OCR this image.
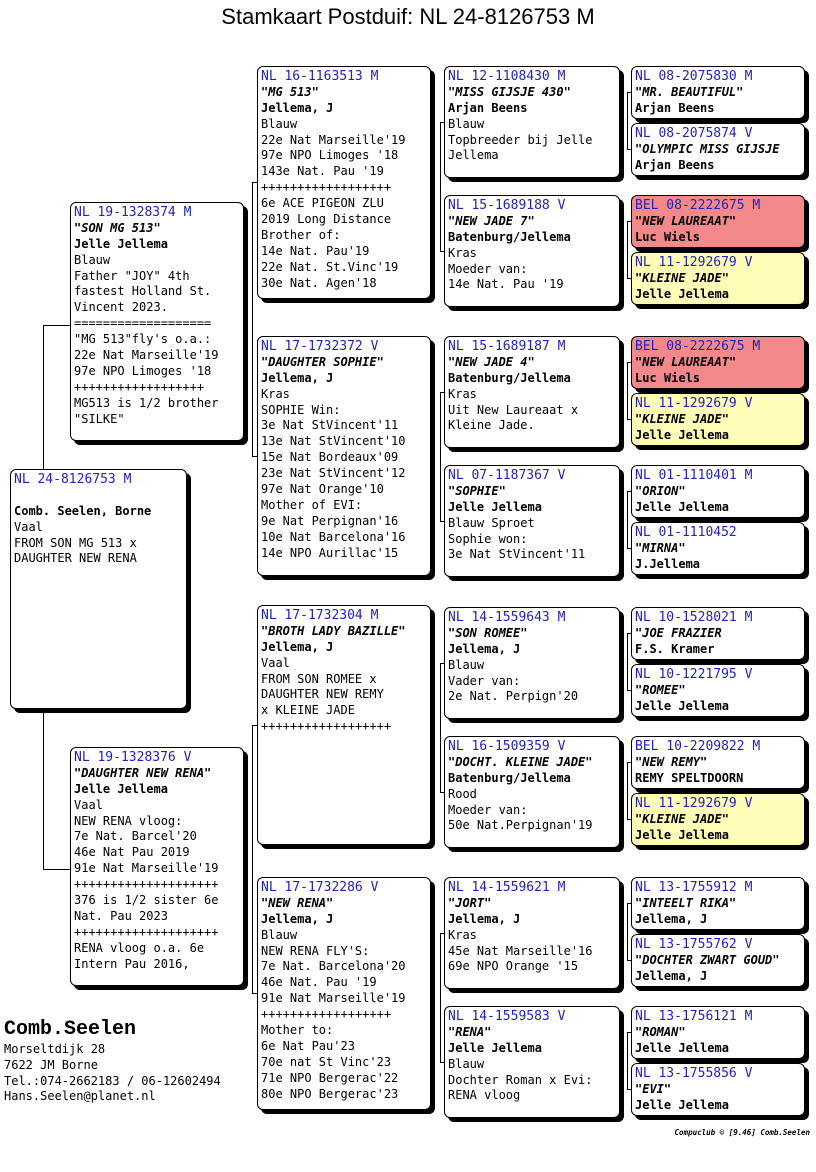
Stamkaart Postduif: NL 24-8126753 M
NL 24-8126753 M
Comb. Seelen, Borne
Vaal
FROM SON MG 513 x
DAUGHTER NEW RENA
NL 19-1328374 M
"SON MG 513"
Jelle Jellema
Blauw
Father "JOY" 4th
fastest Holland St.
Vincent 2023.
===================
"MG 513"fly's o.a.:
22e Nat Marseille'19
97e NPO Limoges '18
++++++++++++++++++
MG513 is 1/2 brother
"SILKE"
NL 19-1328376 V
"DAUGHTER NEW RENA"
Jelle Jellema
Vaal
NEW RENA vloog:
7e Nat. Barcel'20
46e Nat Pau 2019
91e Nat Marseille'19
++++++++++++++++++++
376 is 1/2 sister 6e
Nat. Pau 2023
++++++++++++++++++++
RENA vloog o.a. 6e
Intern Pau 2016,
NL 16-1163513 M
"MG 513"
Jellema, J
Blauw
22e Nat Marseille'19
97e NPO Limoges '18
143e Nat. Pau '19
++++++++++++++++++
6e ACE PIGEON ZLU
2019 Long Distance
Brother of:
14e Nat. Pau'19
22e Nat. St.Vinc'19
30e Nat. Agen'18
NL 17-1732372 V
"DAUGHTER SOPHIE"
Jellema, J
Kras
SOPHIE Win:
3e Nat StVincent'11
13e Nat StVincent'10
15e Nat Bordeaux'09
23e Nat StVincent'12
97e Nat Orange'10
Mother of EVI:
9e Nat Perpignan'16
10e Nat Barcelona'16
14e NPO Aurillac'15
NL 17-1732304 M
"BROTH LADY BAZILLE"
Jellema, J
Vaal
FROM SON ROMEE x
DAUGHTER NEW REMY
x KLEINE JADE
++++++++++++++++++
NL 17-1732286 V
"NEW RENA"
Jellema, J
Blauw
NEW RENA FLY'S:
7e Nat. Barcelona'20
46e Nat. Pau '19
91e Nat Marseille'19
++++++++++++++++++
Mother to:
6e Nat Pau'23
70e nat St Vinc'23
71e NPO Bergerac'22
80e NPO Bergerac'23
NL 12-1108430 M
"MISS GIJSJE 430"
Arjan Beens
Blauw
Topbreeder bij Jelle
Jellema
NL 15-1689188 V
"NEW JADE 7"
Batenburg/Jellema
Kras
Moeder van:
14e Nat. Pau '19
NL 15-1689187 M
"NEW JADE 4"
Batenburg/Jellema
Kras
Uit New Laureaat x
Kleine Jade.
NL 07-1187367 V
"SOPHIE"
Jelle Jellema
Blauw Sproet
Sophie won:
3e Nat StVincent'11
NL 14-1559643 M
"SON ROMEE"
Jellema, J
Blauw
Vader van:
2e Nat. Perpign'20
NL 16-1509359 V
"DOCHT. KLEINE JADE"
Batenburg/Jellema
Rood
Moeder van:
50e Nat.Perpignan'19
NL 14-1559621 M
"JORT"
Jellema, J
Kras
45e Nat Marseille'16
69e NPO Orange '15
NL 14-1559583 V
"RENA"
Jelle Jellema
Blauw
Dochter Roman x Evi:
RENA vloog
NL 08-2075830 M
"MR. BEAUTIFUL"
Arjan Beens
NL 08-2075874 V
"OLYMPIC MISS GIJSJE
Arjan Beens
BEL 08-2222675 M
"NEW LAUREAAT"
Luc Wiels
NL 11-1292679 V
"KLEINE JADE"
Jelle Jellema
BEL 08-2222675 M
"NEW LAUREAAT"
Luc Wiels
NL 11-1292679 V
"KLEINE JADE"
Jelle Jellema
NL 01-1110401 M
"ORION"
Jelle Jellema
NL 01-1110452
"MIRNA"
J.Jellema
NL 10-1528021 M
"JOE FRAZIER
F.S. Kramer
NL 10-1221795 V
"ROMEE"
Jelle Jellema
BEL 10-2209822 M
"NEW REMY"
REMY SPELTDOORN
NL 11-1292679 V
"KLEINE JADE"
Jelle Jellema
NL 13-1755912 M
"INTEELT RIKA"
Jellema, J
NL 13-1755762 V
"DOCHTER ZWART GOUD"
Jellema, J
NL 13-1756121 M
"ROMAN"
Jelle Jellema
NL 13-1755856 V
"EVI"
Jelle Jellema
Comb.Seelen
Morseltdijk 28
7622 JM Borne
Tel.:074-2662183 / 06-12602494
Hans.Seelen@planet.nl
Compuclub © [9.46] Comb.Seelen
